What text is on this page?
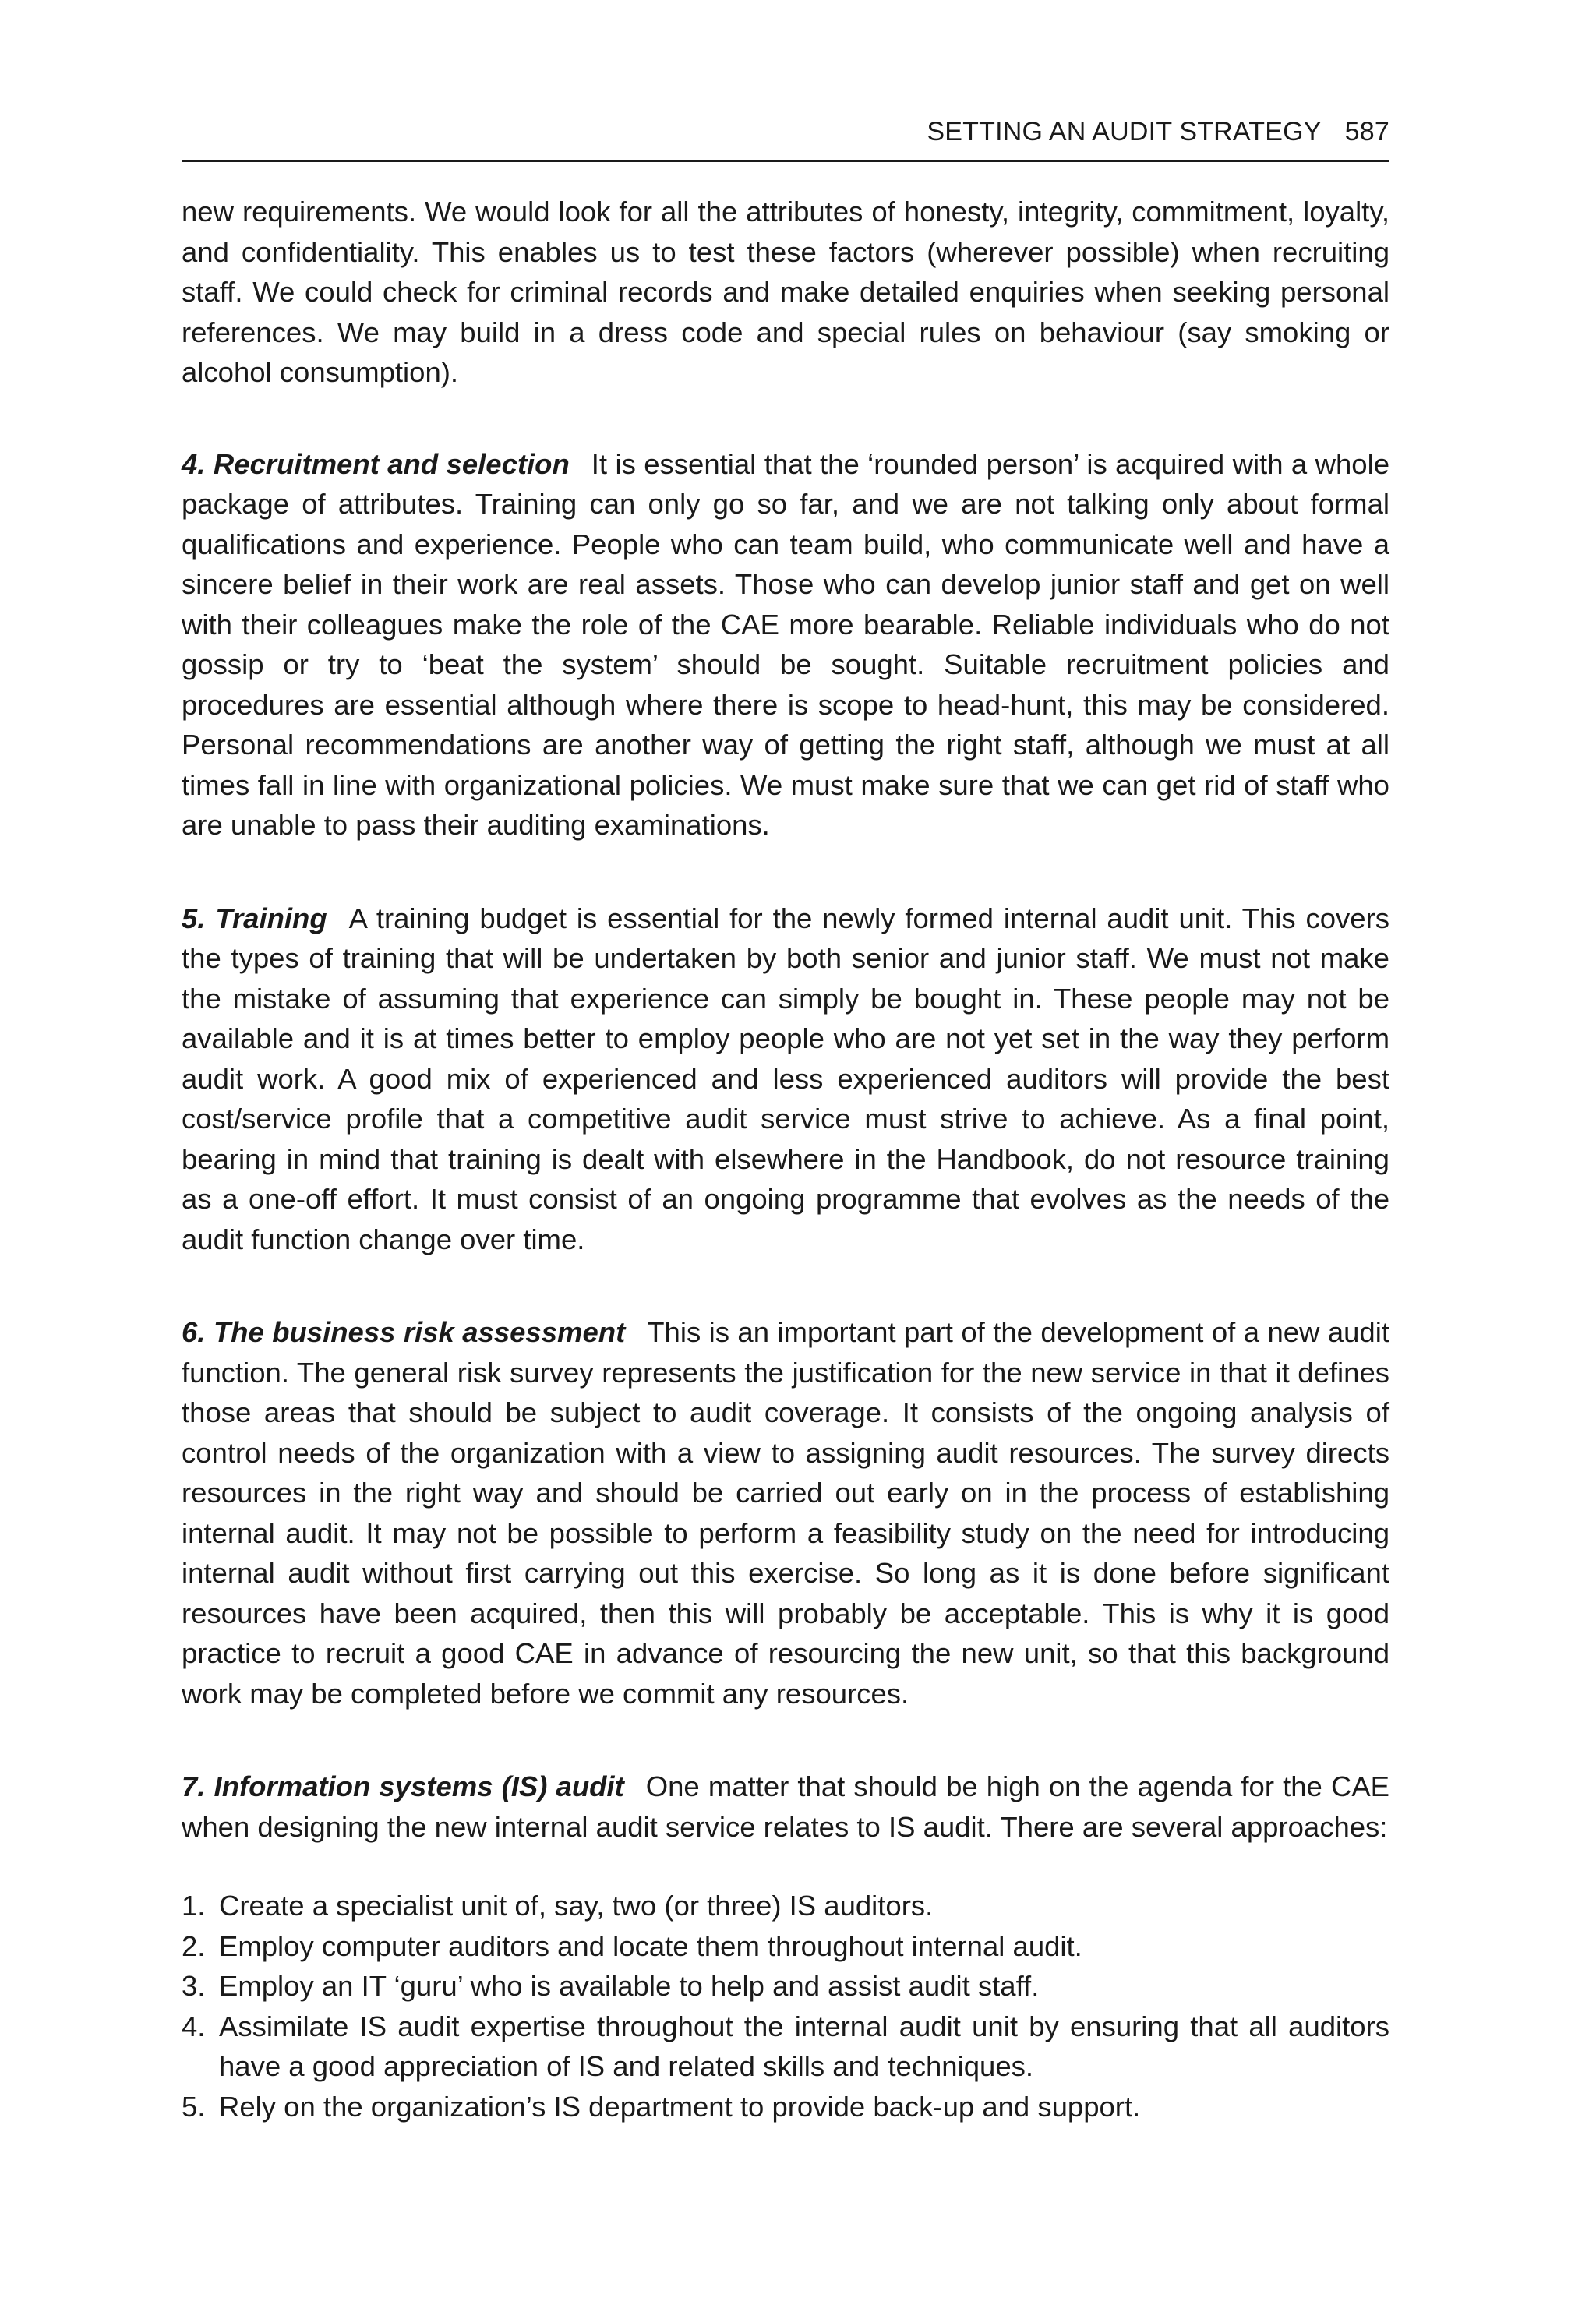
SETTING AN AUDIT STRATEGY 587

new requirements. We would look for all the attributes of honesty, integrity, commitment, loyalty, and confidentiality. This enables us to test these factors (wherever possible) when recruiting staff. We could check for criminal records and make detailed enquiries when seeking personal references. We may build in a dress code and special rules on behaviour (say smoking or alcohol consumption).

4. Recruitment and selection It is essential that the ‘rounded person’ is acquired with a whole package of attributes. Training can only go so far, and we are not talking only about formal qualifications and experience. People who can team build, who communicate well and have a sincere belief in their work are real assets. Those who can develop junior staff and get on well with their colleagues make the role of the CAE more bearable. Reliable individuals who do not gossip or try to ‘beat the system’ should be sought. Suitable recruitment policies and procedures are essential although where there is scope to head-hunt, this may be considered. Personal recommendations are another way of getting the right staff, although we must at all times fall in line with organizational policies. We must make sure that we can get rid of staff who are unable to pass their auditing examinations.

5. Training A training budget is essential for the newly formed internal audit unit. This covers the types of training that will be undertaken by both senior and junior staff. We must not make the mistake of assuming that experience can simply be bought in. These people may not be available and it is at times better to employ people who are not yet set in the way they perform audit work. A good mix of experienced and less experienced auditors will provide the best cost/service profile that a competitive audit service must strive to achieve. As a final point, bearing in mind that training is dealt with elsewhere in the Handbook, do not resource training as a one-off effort. It must consist of an ongoing programme that evolves as the needs of the audit function change over time.

6. The business risk assessment This is an important part of the development of a new audit function. The general risk survey represents the justification for the new service in that it defines those areas that should be subject to audit coverage. It consists of the ongoing analysis of control needs of the organization with a view to assigning audit resources. The survey directs resources in the right way and should be carried out early on in the process of establishing internal audit. It may not be possible to perform a feasibility study on the need for introducing internal audit without first carrying out this exercise. So long as it is done before significant resources have been acquired, then this will probably be acceptable. This is why it is good practice to recruit a good CAE in advance of resourcing the new unit, so that this background work may be completed before we commit any resources.

7. Information systems (IS) audit One matter that should be high on the agenda for the CAE when designing the new internal audit service relates to IS audit. There are several approaches:

1. Create a specialist unit of, say, two (or three) IS auditors.
2. Employ computer auditors and locate them throughout internal audit.
3. Employ an IT ‘guru’ who is available to help and assist audit staff.
4. Assimilate IS audit expertise throughout the internal audit unit by ensuring that all auditors have a good appreciation of IS and related skills and techniques.
5. Rely on the organization’s IS department to provide back-up and support.
